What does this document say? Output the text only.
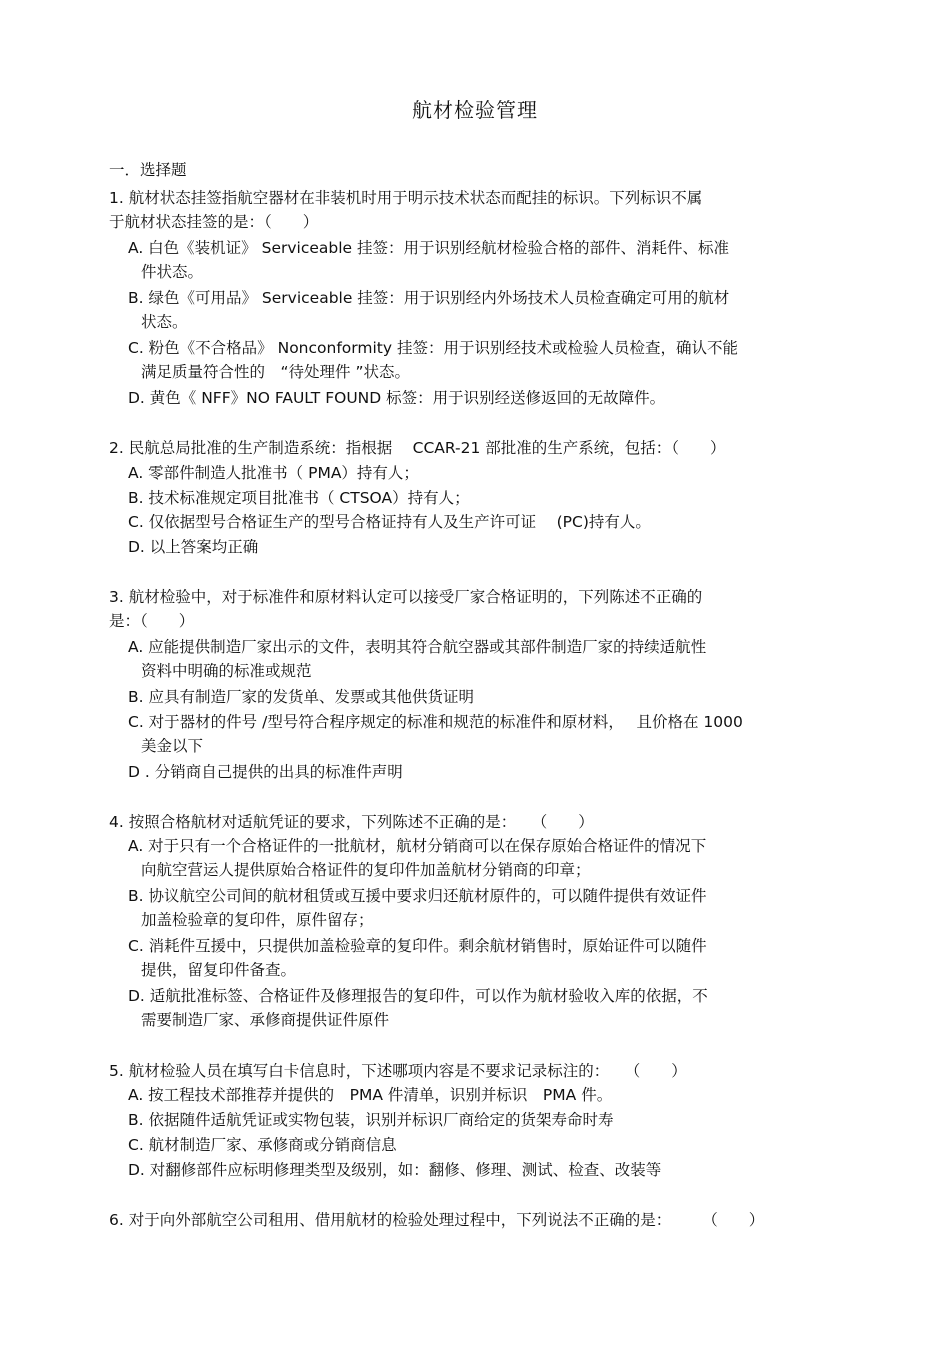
航材检验管理
一．选择题
1. 航材状态挂签指航空器材在非装机时用于明示技术状态而配挂的标识。下列标识不属
于航材状态挂签的是：（　　）
A. 白色《装机证》 Serviceable 挂签：用于识别经航材检验合格的部件、消耗件、标准
件状态。
B. 绿色《可用品》 Serviceable 挂签：用于识别经内外场技术人员检查确定可用的航材
状态。
C. 粉色《不合格品》 Nonconformity 挂签：用于识别经技术或检验人员检查，确认不能
满足质量符合性的　“待处理件 ”状态。
D. 黄色《 NFF》NO FAULT FOUND 标签：用于识别经送修返回的无故障件。
2. 民航总局批准的生产制造系统：指根据　 CCAR-21 部批准的生产系统，包括：（　　）
A. 零部件制造人批准书（ PMA）持有人；
B. 技术标准规定项目批准书（ CTSOA）持有人；
C. 仅依据型号合格证生产的型号合格证持有人及生产许可证　 (PC)持有人。
D. 以上答案均正确
3. 航材检验中，对于标准件和原材料认定可以接受厂家合格证明的，下列陈述不正确的
是：（　　）
A. 应能提供制造厂家出示的文件，表明其符合航空器或其部件制造厂家的持续适航性
资料中明确的标准或规范
B. 应具有制造厂家的发货单、发票或其他供货证明
C. 对于器材的件号 /型号符合程序规定的标准和规范的标准件和原材料，　 且价格在 1000
美金以下
D . 分销商自己提供的出具的标准件声明
4. 按照合格航材对适航凭证的要求，下列陈述不正确的是：　　（　　）
A. 对于只有一个合格证件的一批航材，航材分销商可以在保存原始合格证件的情况下
向航空营运人提供原始合格证件的复印件加盖航材分销商的印章；
B. 协议航空公司间的航材租赁或互援中要求归还航材原件的，可以随件提供有效证件
加盖检验章的复印件，原件留存；
C. 消耗件互援中，只提供加盖检验章的复印件。剩余航材销售时，原始证件可以随件
提供，留复印件备查。
D. 适航批准标签、合格证件及修理报告的复印件，可以作为航材验收入库的依据，不
需要制造厂家、承修商提供证件原件
5. 航材检验人员在填写白卡信息时，下述哪项内容是不要求记录标注的：　　（　　）
A. 按工程技术部推荐并提供的　PMA 件清单，识别并标识　PMA 件。
B. 依据随件适航凭证或实物包装，识别并标识厂商给定的货架寿命时寿
C. 航材制造厂家、承修商或分销商信息
D. 对翻修部件应标明修理类型及级别，如：翻修、修理、测试、检查、改装等
6. 对于向外部航空公司租用、借用航材的检验处理过程中，下列说法不正确的是：　　　（　　）
